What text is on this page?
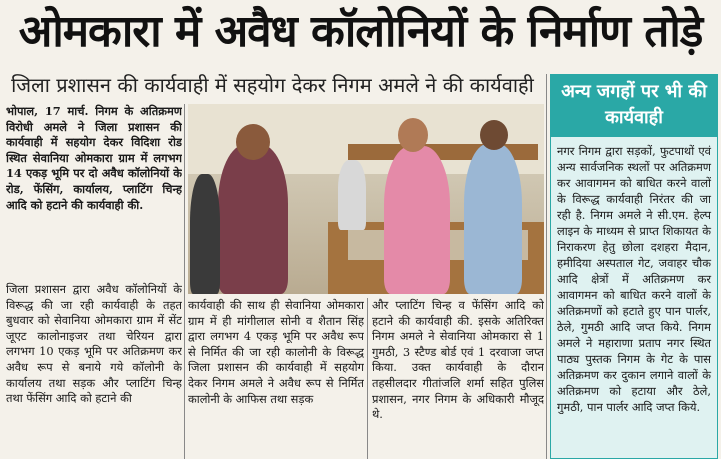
ओमकारा में अवैध कॉलोनियों के निर्माण तोड़े
जिला प्रशासन की कार्यवाही में सहयोग देकर निगम अमले ने की कार्यवाही

भोपाल, 17 मार्च. निगम के अतिक्रमण विरोधी अमले ने जिला प्रशासन की कार्यवाही में सहयोग देकर विदिशा रोड स्थित सेवानिया ओमकारा ग्राम में लगभग 14 एकड़ भूमि पर दो अवैध कॉलोनियों के रोड, फेंसिंग, कार्यालय, प्लाटिंग चिन्ह आदि को हटाने की कार्यवाही की.

जिला प्रशासन द्वारा अवैध कॉलोनियों के विरूद्ध की जा रही कार्यवाही के तहत बुधवार को सेवानिया ओमकारा ग्राम में सेंट जूएट कालोनाइजर तथा चेरियन द्वारा लगभग 10 एकड़ भूमि पर अतिक्रमण कर अवैध रूप से बनाये गये कॉलोनी के कार्यालय तथा सड़क और प्लाटिंग चिन्ह तथा फेंसिंग आदि को हटाने की

कार्यवाही की साथ ही सेवानिया ओमकारा ग्राम में ही मांगीलाल सोनी व शैतान सिंह द्वारा लगभग 4 एकड़ भूमि पर अवैध रूप से निर्मित की जा रही कालोनी के विरूद्ध जिला प्रशासन की कार्यवाही में सहयोग देकर निगम अमले ने अवैध रूप से निर्मित कालोनी के आफिस तथा सड़क

और प्लाटिंग चिन्ह व फेंसिंग आदि को हटाने की कार्यवाही की. इसके अतिरिक्त निगम अमले ने सेवानिया ओमकारा से 1 गुमठी, 3 स्टैण्ड बोर्ड एवं 1 दरवाजा जप्त किया. उक्त कार्यवाही के दौरान तहसीलदार गीतांजलि शर्मा सहित पुलिस प्रशासन, नगर निगम के अधिकारी मौजूद थे.

अन्य जगहों पर भी की कार्यवाही
नगर निगम द्वारा सड़कों, फुटपाथों एवं अन्य सार्वजनिक स्थलों पर अतिक्रमण कर आवागमन को बाधित करने वालों के विरूद्ध कार्यवाही निरंतर की जा रही है. निगम अमले ने सी.एम. हेल्प लाइन के माध्यम से प्राप्त शिकायत के निराकरण हेतु छोला दशहरा मैदान, हमीदिया अस्पताल गेट, जवाहर चौक आदि क्षेत्रों में अतिक्रमण कर आवागमन को बाधित करने वालों के अतिक्रमणों को हटाते हुए पान पार्लर, ठेले, गुमठी आदि जप्त किये. निगम अमले ने महाराणा प्रताप नगर स्थित पाठ्य पुस्तक निगम के गेट के पास अतिक्रमण कर दुकान लगाने वालों के अतिक्रमण को हटाया और ठेले, गुमठी, पान पार्लर आदि जप्त किये.
